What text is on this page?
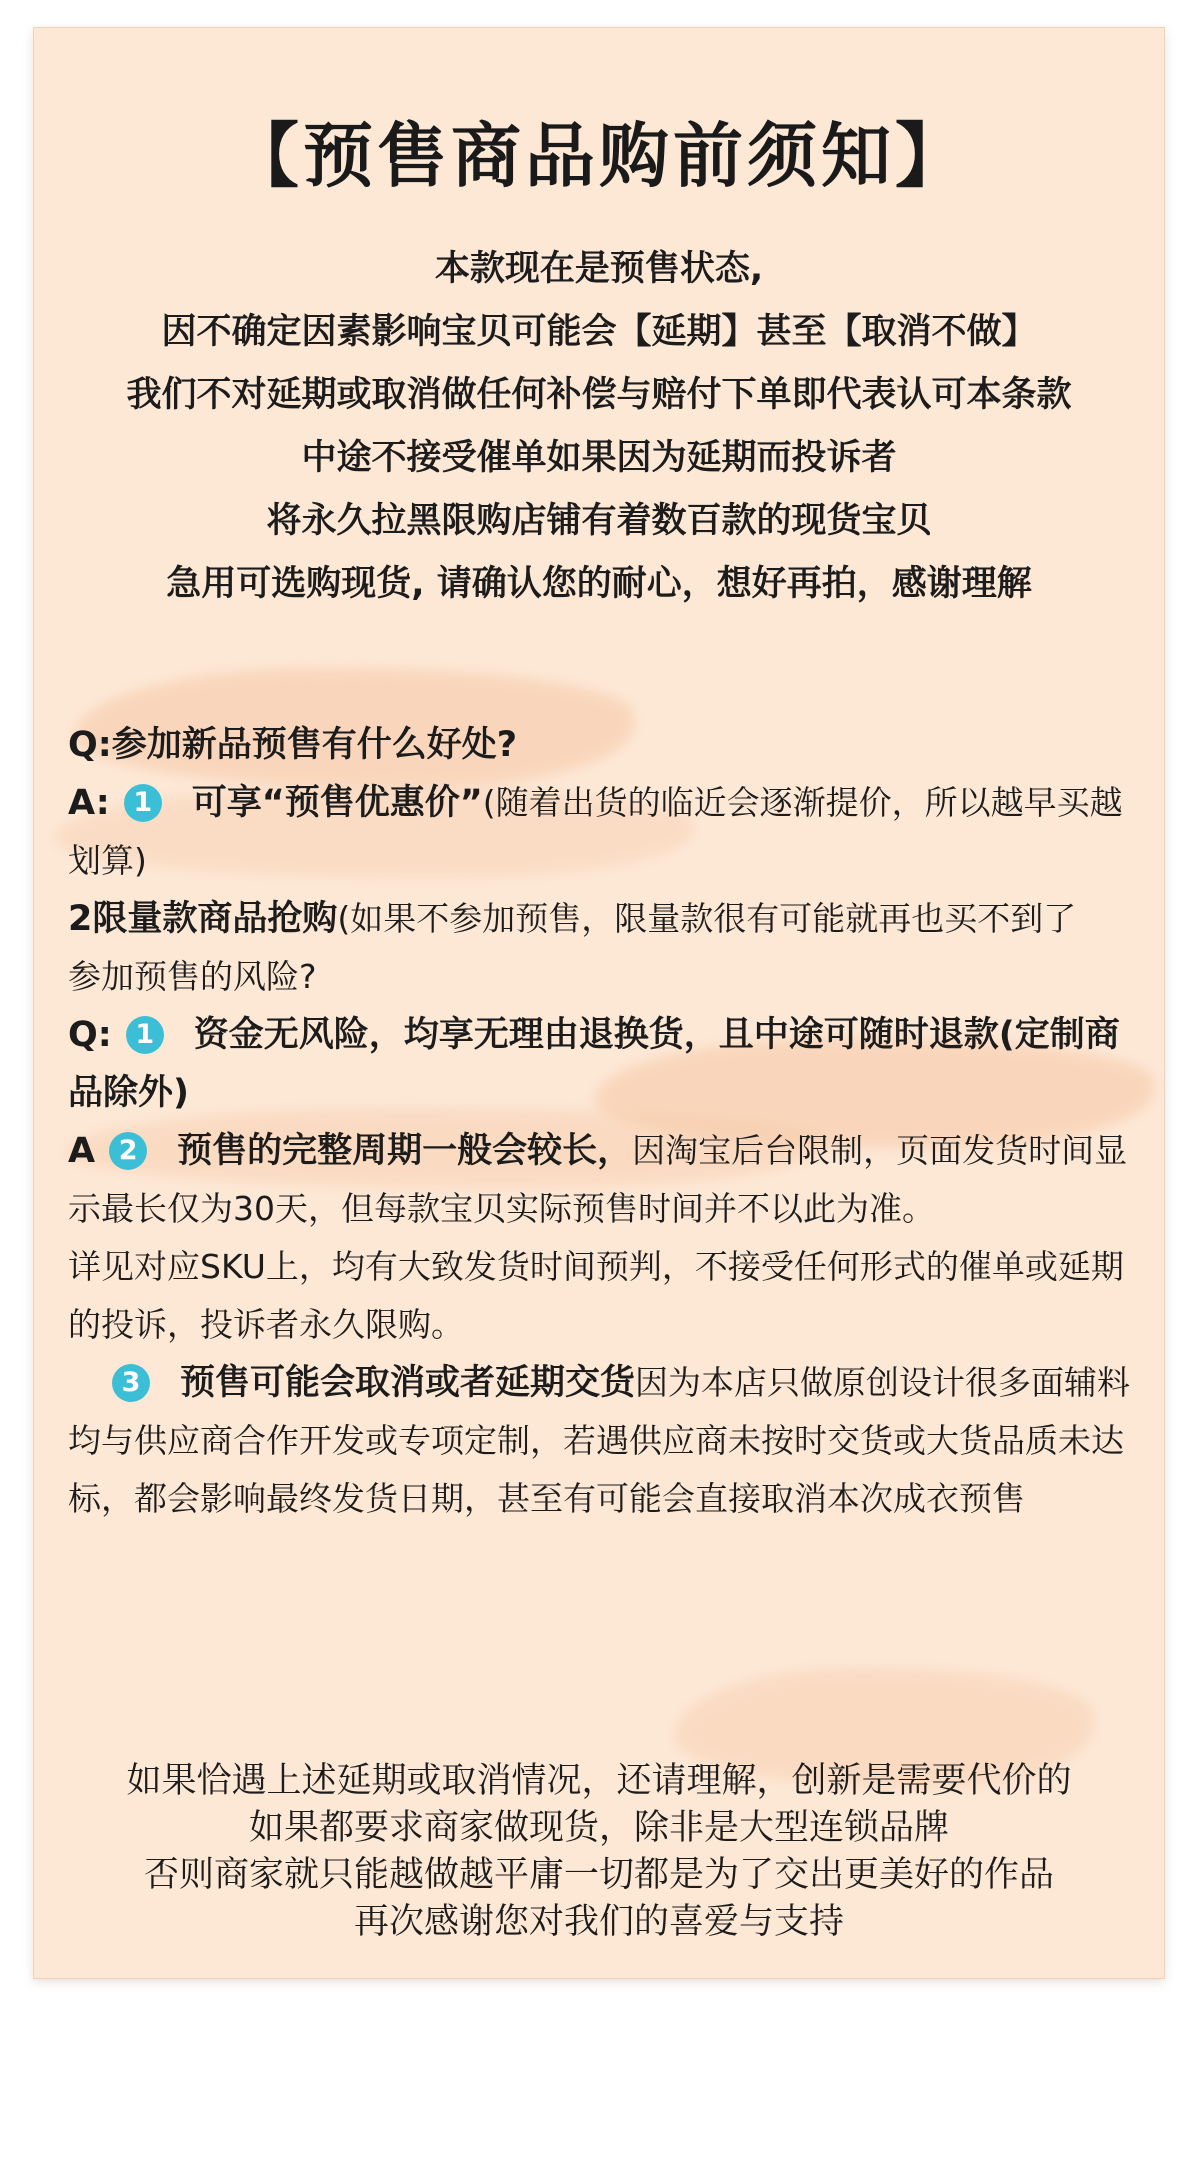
【预售商品购前须知】
本款现在是预售状态,
因不确定因素影响宝贝可能会【延期】甚至【取消不做】
我们不对延期或取消做任何补偿与赔付下单即代表认可本条款
中途不接受催单如果因为延期而投诉者
将永久拉黑限购店铺有着数百款的现货宝贝
急用可选购现货, 请确认您的耐心，想好再拍，感谢理解

Q:参加新品预售有什么好处?

A: 1 可享“预售优惠价”(随着出货的临近会逐渐提价，所以越早买越划算)

2限量款商品抢购(如果不参加预售，限量款很有可能就再也买不到了

参加预售的风险?

Q: 1 资金无风险，均享无理由退换货，且中途可随时退款(定制商品除外)

A 2 预售的完整周期一般会较长，因淘宝后台限制，页面发货时间显示最长仅为30天，但每款宝贝实际预售时间并不以此为准。

详见对应SKU上，均有大致发货时间预判，不接受任何形式的催单或延期的投诉，投诉者永久限购。

3 预售可能会取消或者延期交货因为本店只做原创设计很多面辅料均与供应商合作开发或专项定制，若遇供应商未按时交货或大货品质未达标，都会影响最终发货日期，甚至有可能会直接取消本次成衣预售

如果恰遇上述延期或取消情况，还请理解，创新是需要代价的
如果都要求商家做现货，除非是大型连锁品牌
否则商家就只能越做越平庸一切都是为了交出更美好的作品
再次感谢您对我们的喜爱与支持
